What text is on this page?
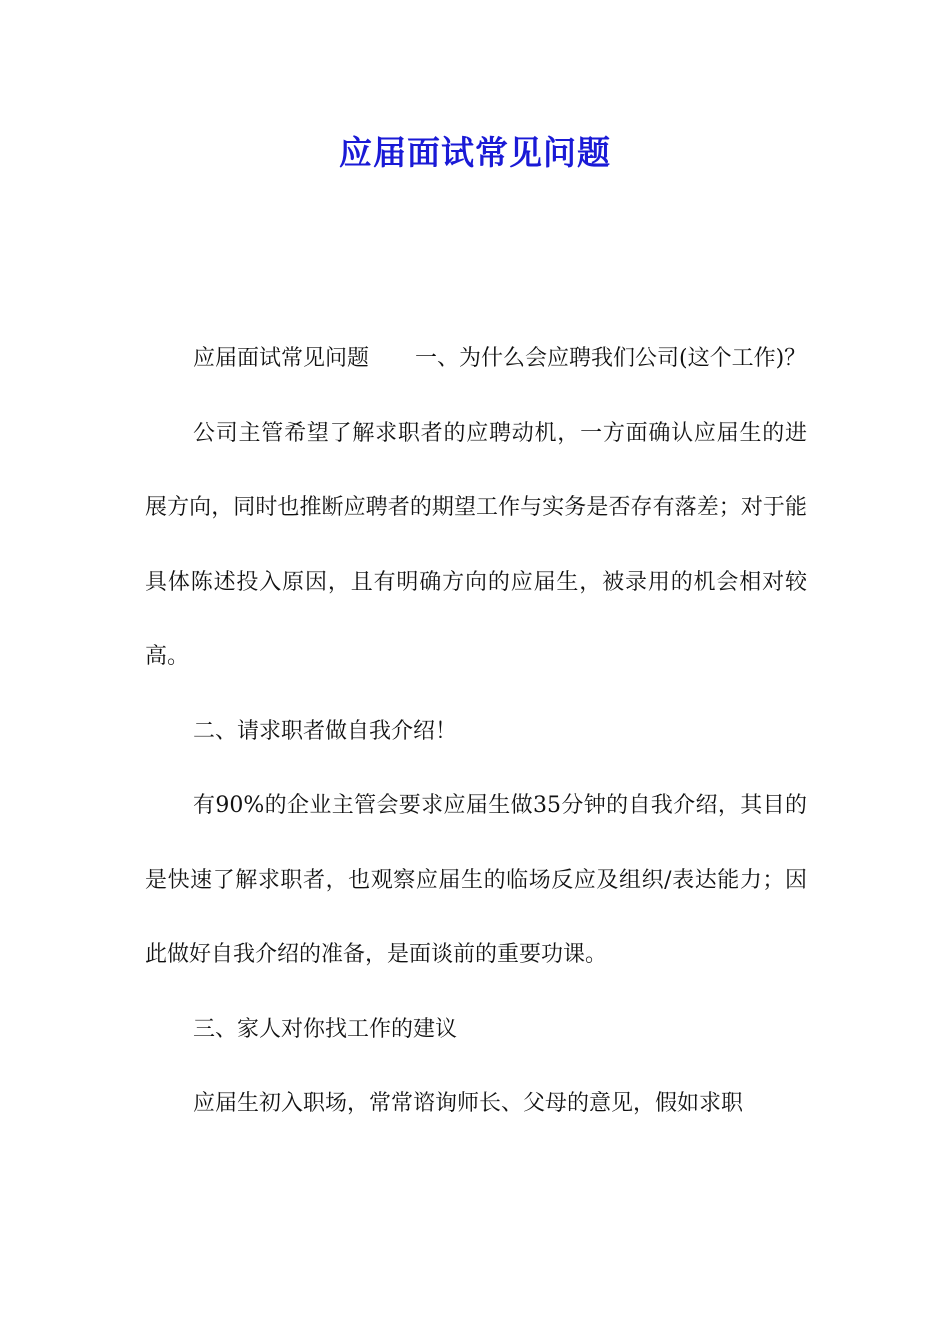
应届面试常见问题

应届面试常见问题 一、为什么会应聘我们公司(这个工作)？

公司主管希望了解求职者的应聘动机，一方面确认应届生的进展方向，同时也推断应聘者的期望工作与实务是否存有落差；对于能具体陈述投入原因，且有明确方向的应届生，被录用的机会相对较高。

二、请求职者做自我介绍！

有90%的企业主管会要求应届生做35分钟的自我介绍，其目的是快速了解求职者，也观察应届生的临场反应及组织/表达能力；因此做好自我介绍的准备，是面谈前的重要功课。

三、家人对你找工作的建议

应届生初入职场，常常谘询师长、父母的意见，假如求职
